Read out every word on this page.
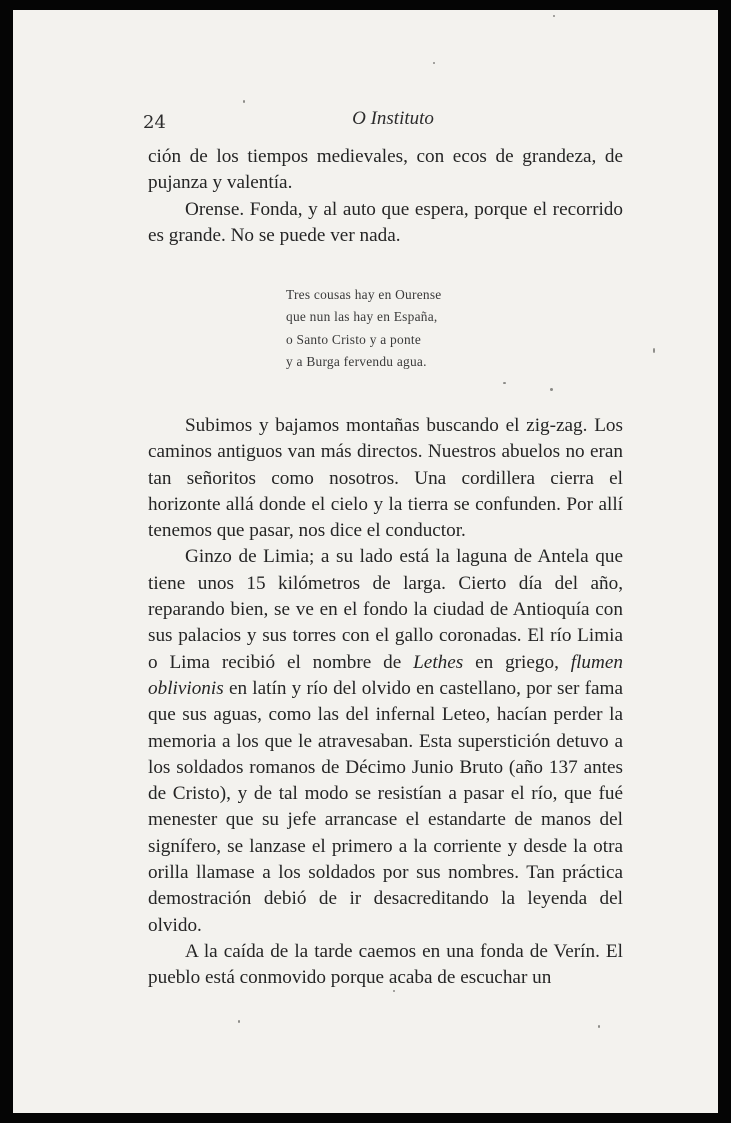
24	O Instituto

ción de los tiempos medievales, con ecos de grandeza, de pujanza y valentía.

Orense. Fonda, y al auto que espera, porque el recorrido es grande. No se puede ver nada.

Tres cousas hay en Ourense
que nun las hay en España,
o Santo Cristo y a ponte
y a Burga fervendu agua.

Subimos y bajamos montañas buscando el zig-zag. Los caminos antiguos van más directos. Nuestros abuelos no eran tan señoritos como nosotros. Una cordillera cierra el horizonte allá donde el cielo y la tierra se confunden. Por allí tenemos que pasar, nos dice el conductor.

Ginzo de Limia; a su lado está la laguna de Antela que tiene unos 15 kilómetros de larga. Cierto día del año, reparando bien, se ve en el fondo la ciudad de Antioquía con sus palacios y sus torres con el gallo coronadas. El río Limia o Lima recibió el nombre de Lethes en griego, flumen oblivionis en latín y río del olvido en castellano, por ser fama que sus aguas, como las del infernal Leteo, hacían perder la memoria a los que le atravesaban. Esta superstición detuvo a los soldados romanos de Décimo Junio Bruto (año 137 antes de Cristo), y de tal modo se resistían a pasar el río, que fué menester que su jefe arrancase el estandarte de manos del signífero, se lanzase el primero a la corriente y desde la otra orilla llamase a los soldados por sus nombres. Tan práctica demostración debió de ir desacreditando la leyenda del olvido.

A la caída de la tarde caemos en una fonda de Verín. El pueblo está conmovido porque acaba de escuchar un
